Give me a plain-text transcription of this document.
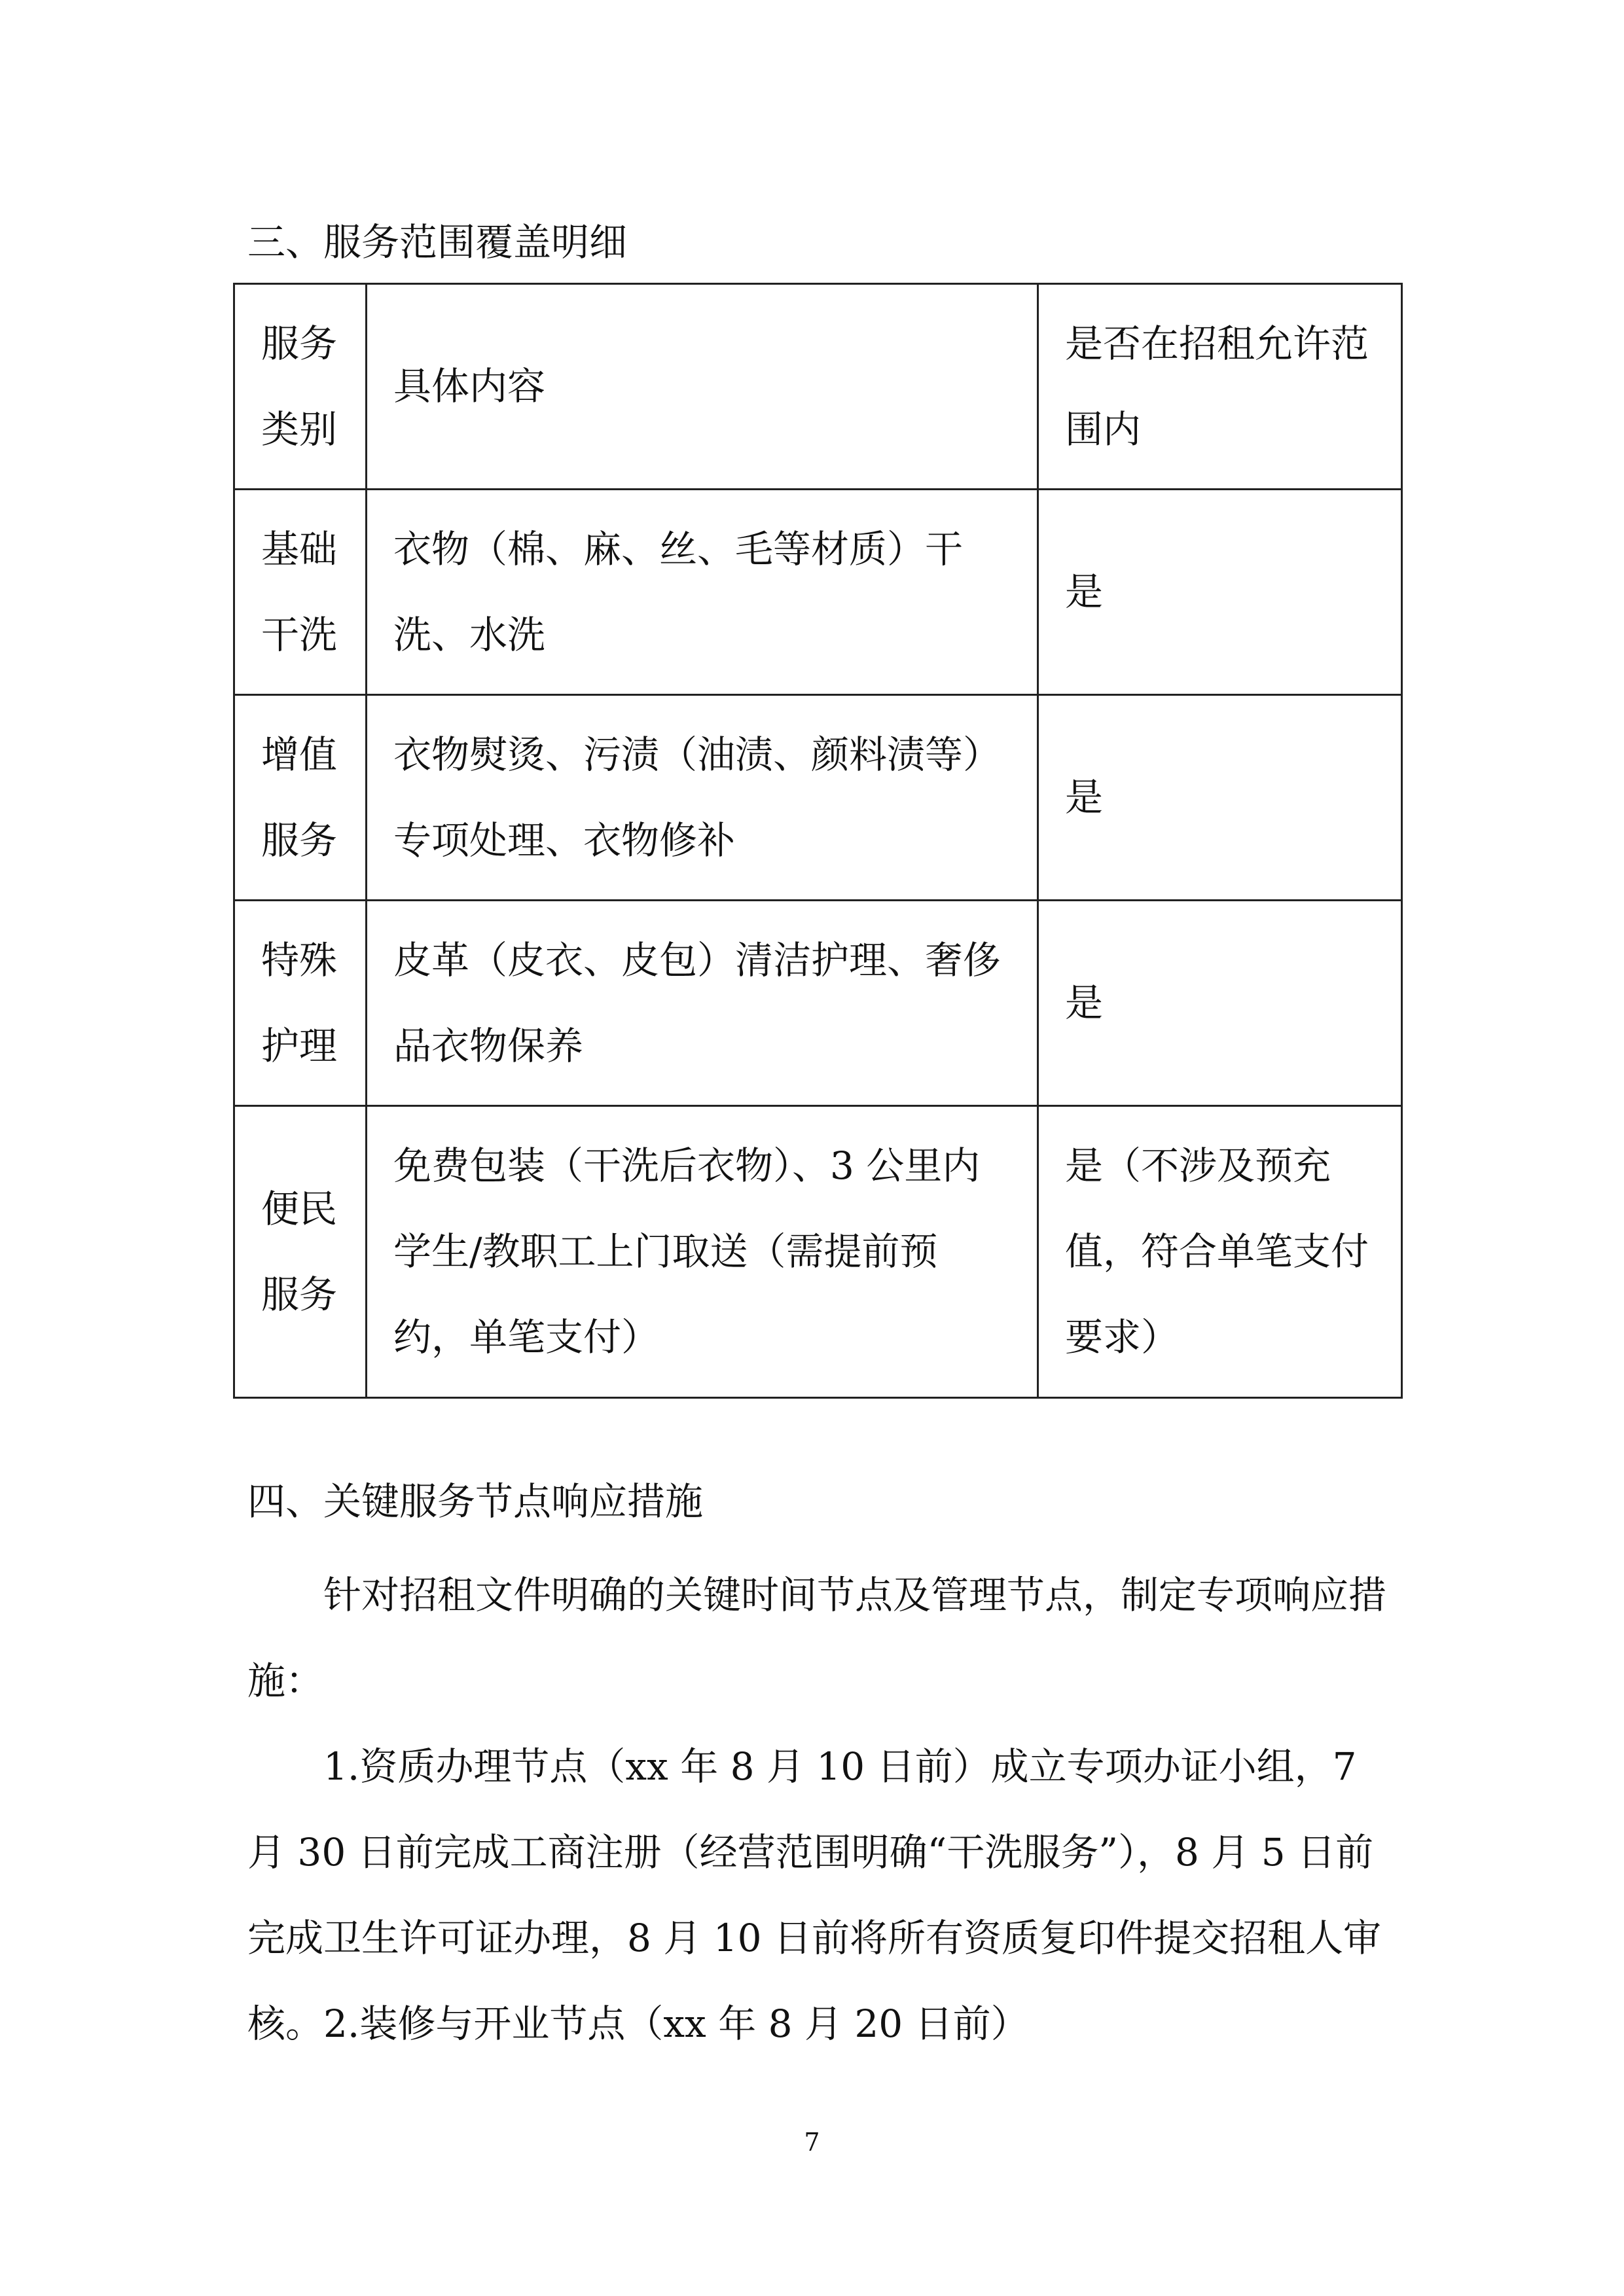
三、服务范围覆盖明细
服务类别	具体内容	是否在招租允许范围内
基础干洗	衣物（棉、麻、丝、毛等材质）干洗、水洗	是
增值服务	衣物熨烫、污渍（油渍、颜料渍等）专项处理、衣物修补	是
特殊护理	皮革（皮衣、皮包）清洁护理、奢侈品衣物保养	是
便民服务	免费包装（干洗后衣物）、3 公里内学生/教职工上门取送（需提前预约，单笔支付）	是（不涉及预充值，符合单笔支付要求）
四、关键服务节点响应措施

针对招租文件明确的关键时间节点及管理节点，制定专项响应措施：

1.资质办理节点（xx 年 8 月 10 日前）成立专项办证小组，7 月 30 日前完成工商注册（经营范围明确“干洗服务”），8 月 5 日前完成卫生许可证办理，8 月 10 日前将所有资质复印件提交招租人审核。 2.装修与开业节点（xx 年 8 月 20 日前）

7
